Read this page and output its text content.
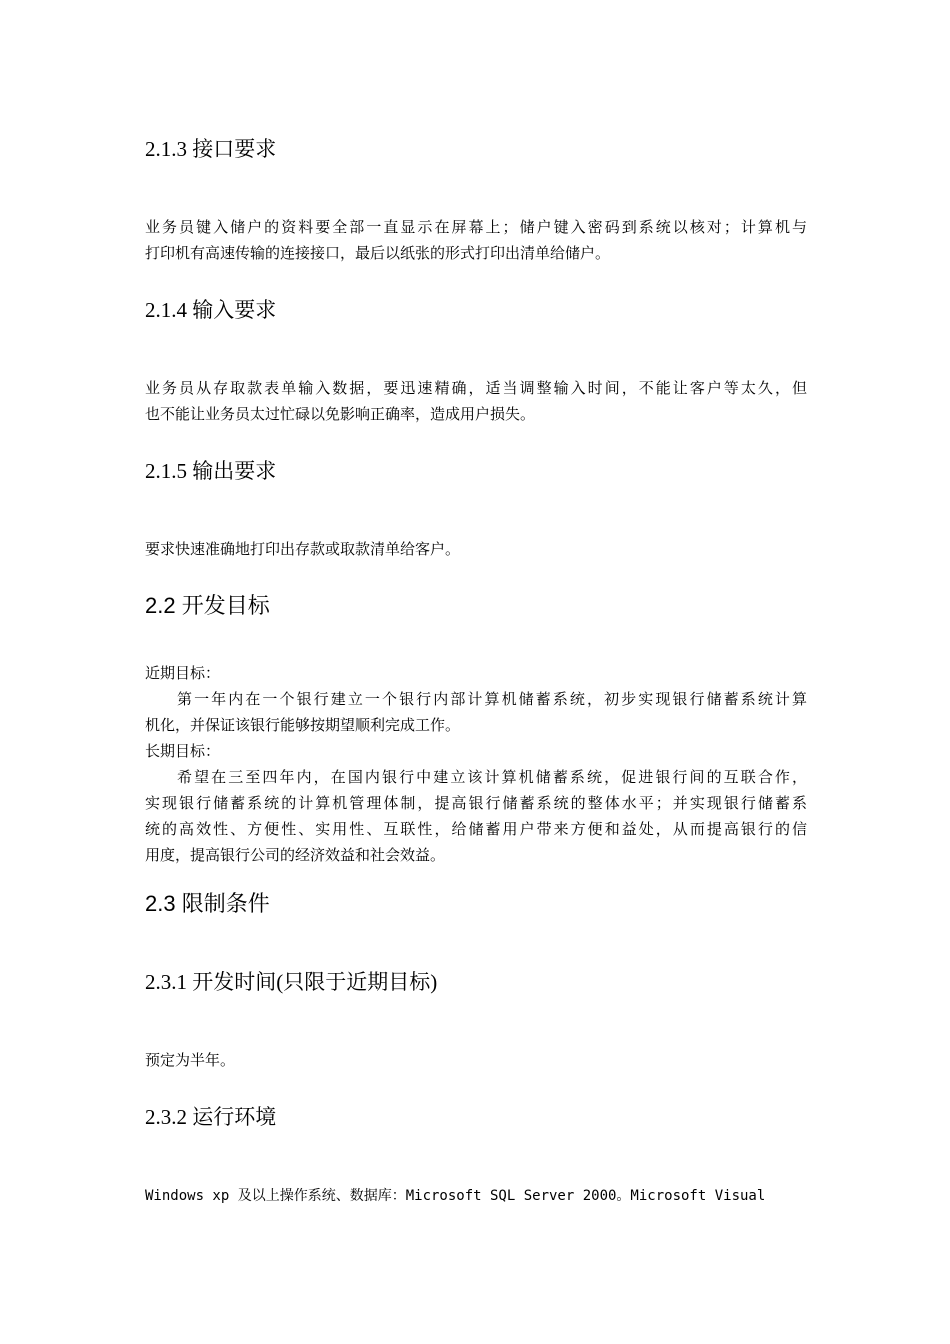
2.1.3 接口要求
业务员键入储户的资料要全部一直显示在屏幕上；储户键入密码到系统以核对；计算机与
打印机有高速传输的连接接口，最后以纸张的形式打印出清单给储户。
2.1.4 输入要求
业务员从存取款表单输入数据，要迅速精确，适当调整输入时间，不能让客户等太久，但
也不能让业务员太过忙碌以免影响正确率，造成用户损失。
2.1.5 输出要求
要求快速准确地打印出存款或取款清单给客户。
2.2 开发目标
近期目标：
第一年内在一个银行建立一个银行内部计算机储蓄系统，初步实现银行储蓄系统计算
机化，并保证该银行能够按期望顺利完成工作。
长期目标：
希望在三至四年内，在国内银行中建立该计算机储蓄系统，促进银行间的互联合作，
实现银行储蓄系统的计算机管理体制，提高银行储蓄系统的整体水平；并实现银行储蓄系
统的高效性、方便性、实用性、互联性，给储蓄用户带来方便和益处，从而提高银行的信
用度，提高银行公司的经济效益和社会效益。
2.3 限制条件
2.3.1 开发时间(只限于近期目标)
预定为半年。
2.3.2 运行环境
Windows xp 及以上操作系统、数据库：Microsoft SQL Server 2000。Microsoft Visual
